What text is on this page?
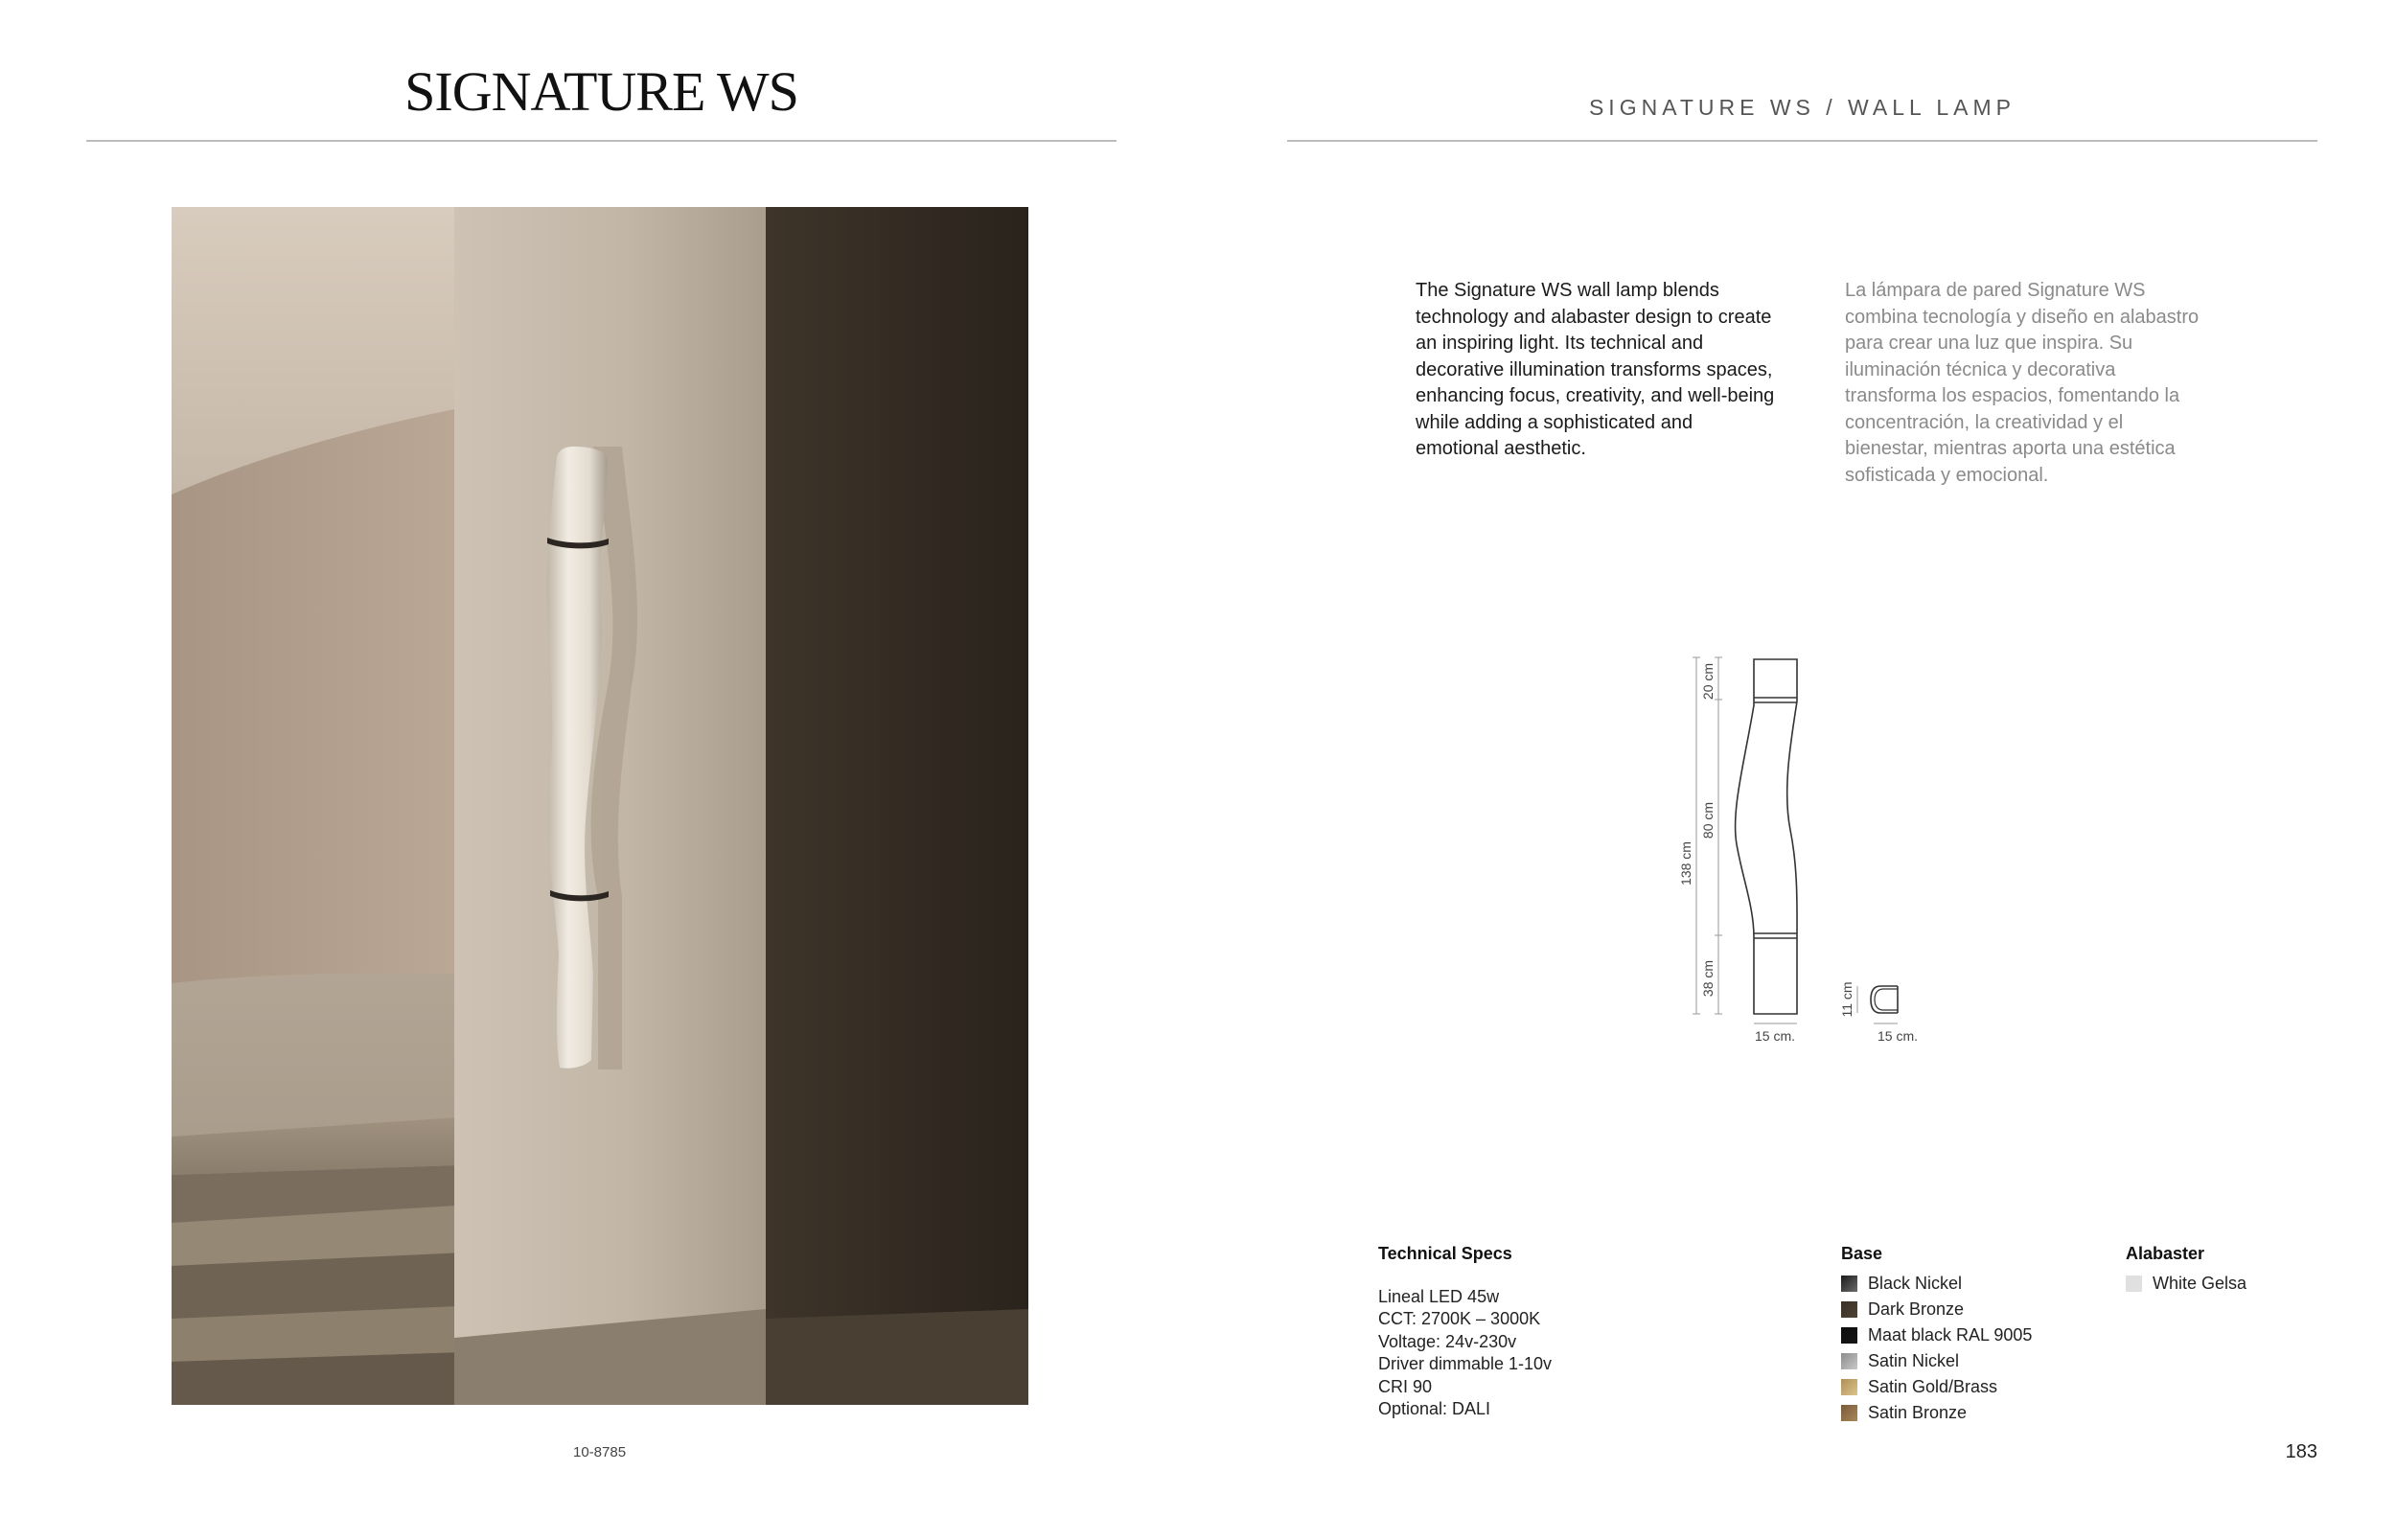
SIGNATURE WS
10-8785
SIGNATURE WS / WALL LAMP
The Signature WS wall lamp blends technology and alabaster design to create an inspiring light. Its technical and decorative illumination transforms spaces, enhancing focus, creativity, and well-being while adding a sophisticated and emotional aesthetic.
La lámpara de pared Signature WS combina tecnología y diseño en alabastro para crear una luz que inspira. Su iluminación técnica y decorativa transforma los espacios, fomentando la concentración, la creatividad y el bienestar, mientras aporta una estética sofisticada y emocional.
138 cm
20 cm
80 cm
38 cm
15 cm.
11 cm
15 cm.
Technical Specs
Lineal LED 45w
CCT: 2700K – 3000K
Voltage: 24v-230v
Driver dimmable 1-10v
CRI 90
Optional: DALI
Base
Black Nickel
Dark Bronze
Maat black RAL 9005
Satin Nickel
Satin Gold/Brass
Satin Bronze
Alabaster
White Gelsa
183
